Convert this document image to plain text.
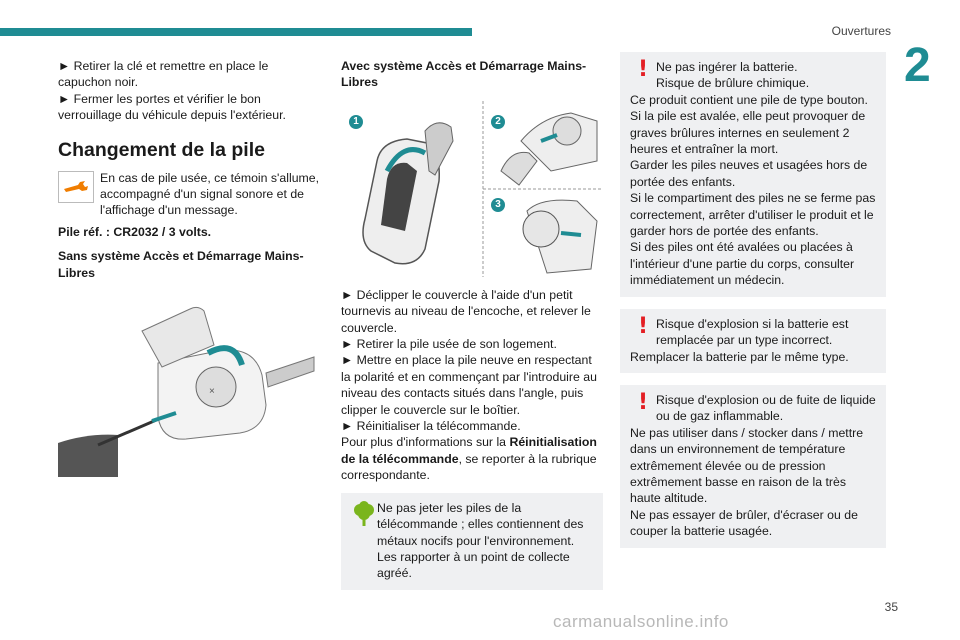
Ouvertures
2

► Retirer la clé et remettre en place le capuchon noir.

► Fermer les portes et vérifier le bon verrouillage du véhicule depuis l'extérieur.

Changement de la pile

En cas de pile usée, ce témoin s'allume, accompagné d'un signal sonore et de l'affichage d'un message.

Pile réf. : CR2032 / 3 volts.

Sans système Accès et Démarrage Mains-Libres

×

Avec système Accès et Démarrage Mains-Libres

1	2
3

► Déclipper le couvercle à l'aide d'un petit tournevis au niveau de l'encoche, et relever le couvercle.

► Retirer la pile usée de son logement.

► Mettre en place la pile neuve en respectant la polarité et en commençant par l'introduire au niveau des contacts situés dans l'angle, puis clipper le couvercle sur le boîtier.

► Réinitialiser la télécommande.

Pour plus d'informations sur la Réinitialisation de la télécommande, se reporter à la rubrique correspondante.

Ne pas jeter les piles de la télécommande ; elles contiennent des métaux nocifs pour l'environnement. Les rapporter à un point de collecte agréé.

! Ne pas ingérer la batterie.

Risque de brûlure chimique.

Ce produit contient une pile de type bouton.

Si la pile est avalée, elle peut provoquer de graves brûlures internes en seulement 2 heures et entraîner la mort.

Garder les piles neuves et usagées hors de portée des enfants.

Si le compartiment des piles ne se ferme pas correctement, arrêter d'utiliser le produit et le garder hors de portée des enfants.

Si des piles ont été avalées ou placées à l'intérieur d'une partie du corps, consulter immédiatement un médecin.

! Risque d'explosion si la batterie est remplacée par un type incorrect.

Remplacer la batterie par le même type.

! Risque d'explosion ou de fuite de liquide ou de gaz inflammable.

Ne pas utiliser dans / stocker dans / mettre dans un environnement de température extrêmement élevée ou de pression extrêmement basse en raison de la très haute altitude.

Ne pas essayer de brûler, d'écraser ou de couper la batterie usagée.

35
carmanualsonline.info
